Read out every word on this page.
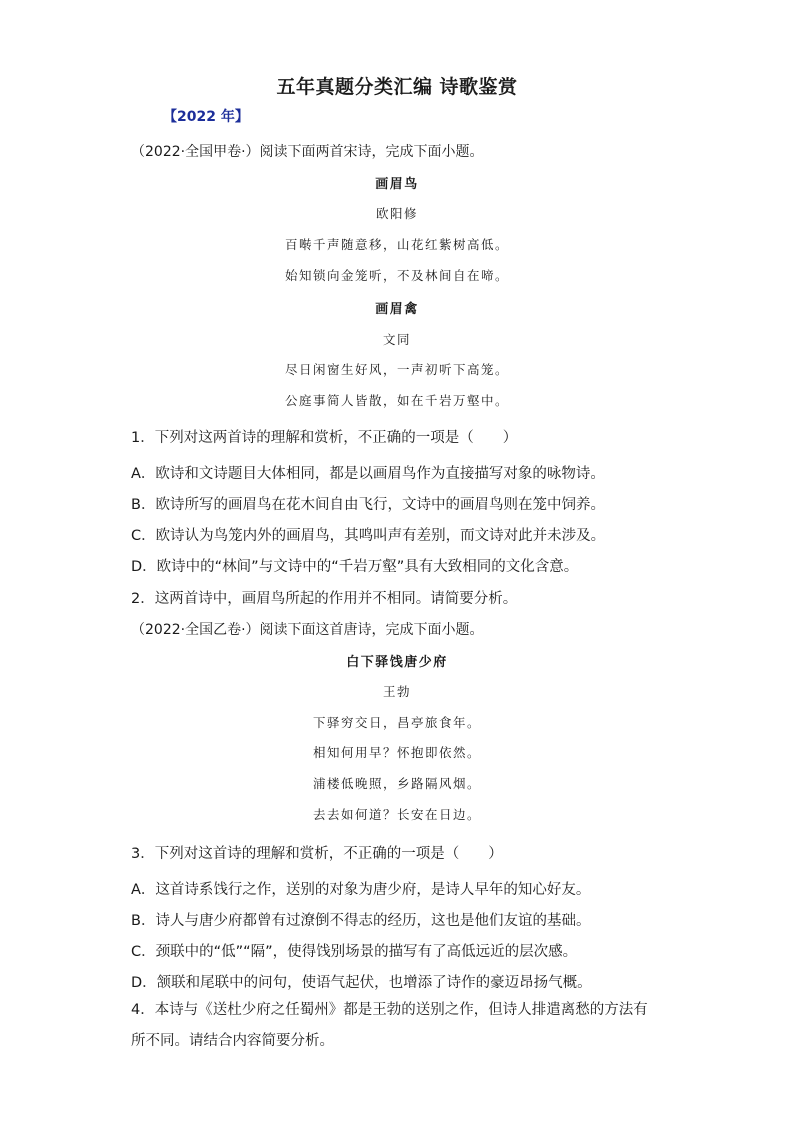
五年真题分类汇编 诗歌鉴赏
【2022 年】
（2022·全国甲卷·）阅读下面两首宋诗，完成下面小题。
画眉鸟
欧阳修
百啭千声随意移，山花红紫树高低。
始知锁向金笼听，不及林间自在啼。
画眉禽
文同
尽日闲窗生好风，一声初听下高笼。
公庭事简人皆散，如在千岩万壑中。
1．下列对这两首诗的理解和赏析，不正确的一项是（　　）
A．欧诗和文诗题目大体相同，都是以画眉鸟作为直接描写对象的咏物诗。
B．欧诗所写的画眉鸟在花木间自由飞行，文诗中的画眉鸟则在笼中饲养。
C．欧诗认为鸟笼内外的画眉鸟，其鸣叫声有差别，而文诗对此并未涉及。
D．欧诗中的“林间”与文诗中的“千岩万壑”具有大致相同的文化含意。
2．这两首诗中，画眉鸟所起的作用并不相同。请简要分析。
（2022·全国乙卷·）阅读下面这首唐诗，完成下面小题。
白下驿饯唐少府
王勃
下驿穷交日，昌亭旅食年。
相知何用早？怀抱即依然。
浦楼低晚照，乡路隔风烟。
去去如何道？长安在日边。
3．下列对这首诗的理解和赏析，不正确的一项是（　　）
A．这首诗系饯行之作，送别的对象为唐少府，是诗人早年的知心好友。
B．诗人与唐少府都曾有过潦倒不得志的经历，这也是他们友谊的基础。
C．颈联中的“低”“隔”，使得饯别场景的描写有了高低远近的层次感。
D．颔联和尾联中的问句，使语气起伏，也增添了诗作的豪迈昂扬气概。
4．本诗与《送杜少府之任蜀州》都是王勃的送别之作，但诗人排遣离愁的方法有所不同。请结合内容简要分析。
